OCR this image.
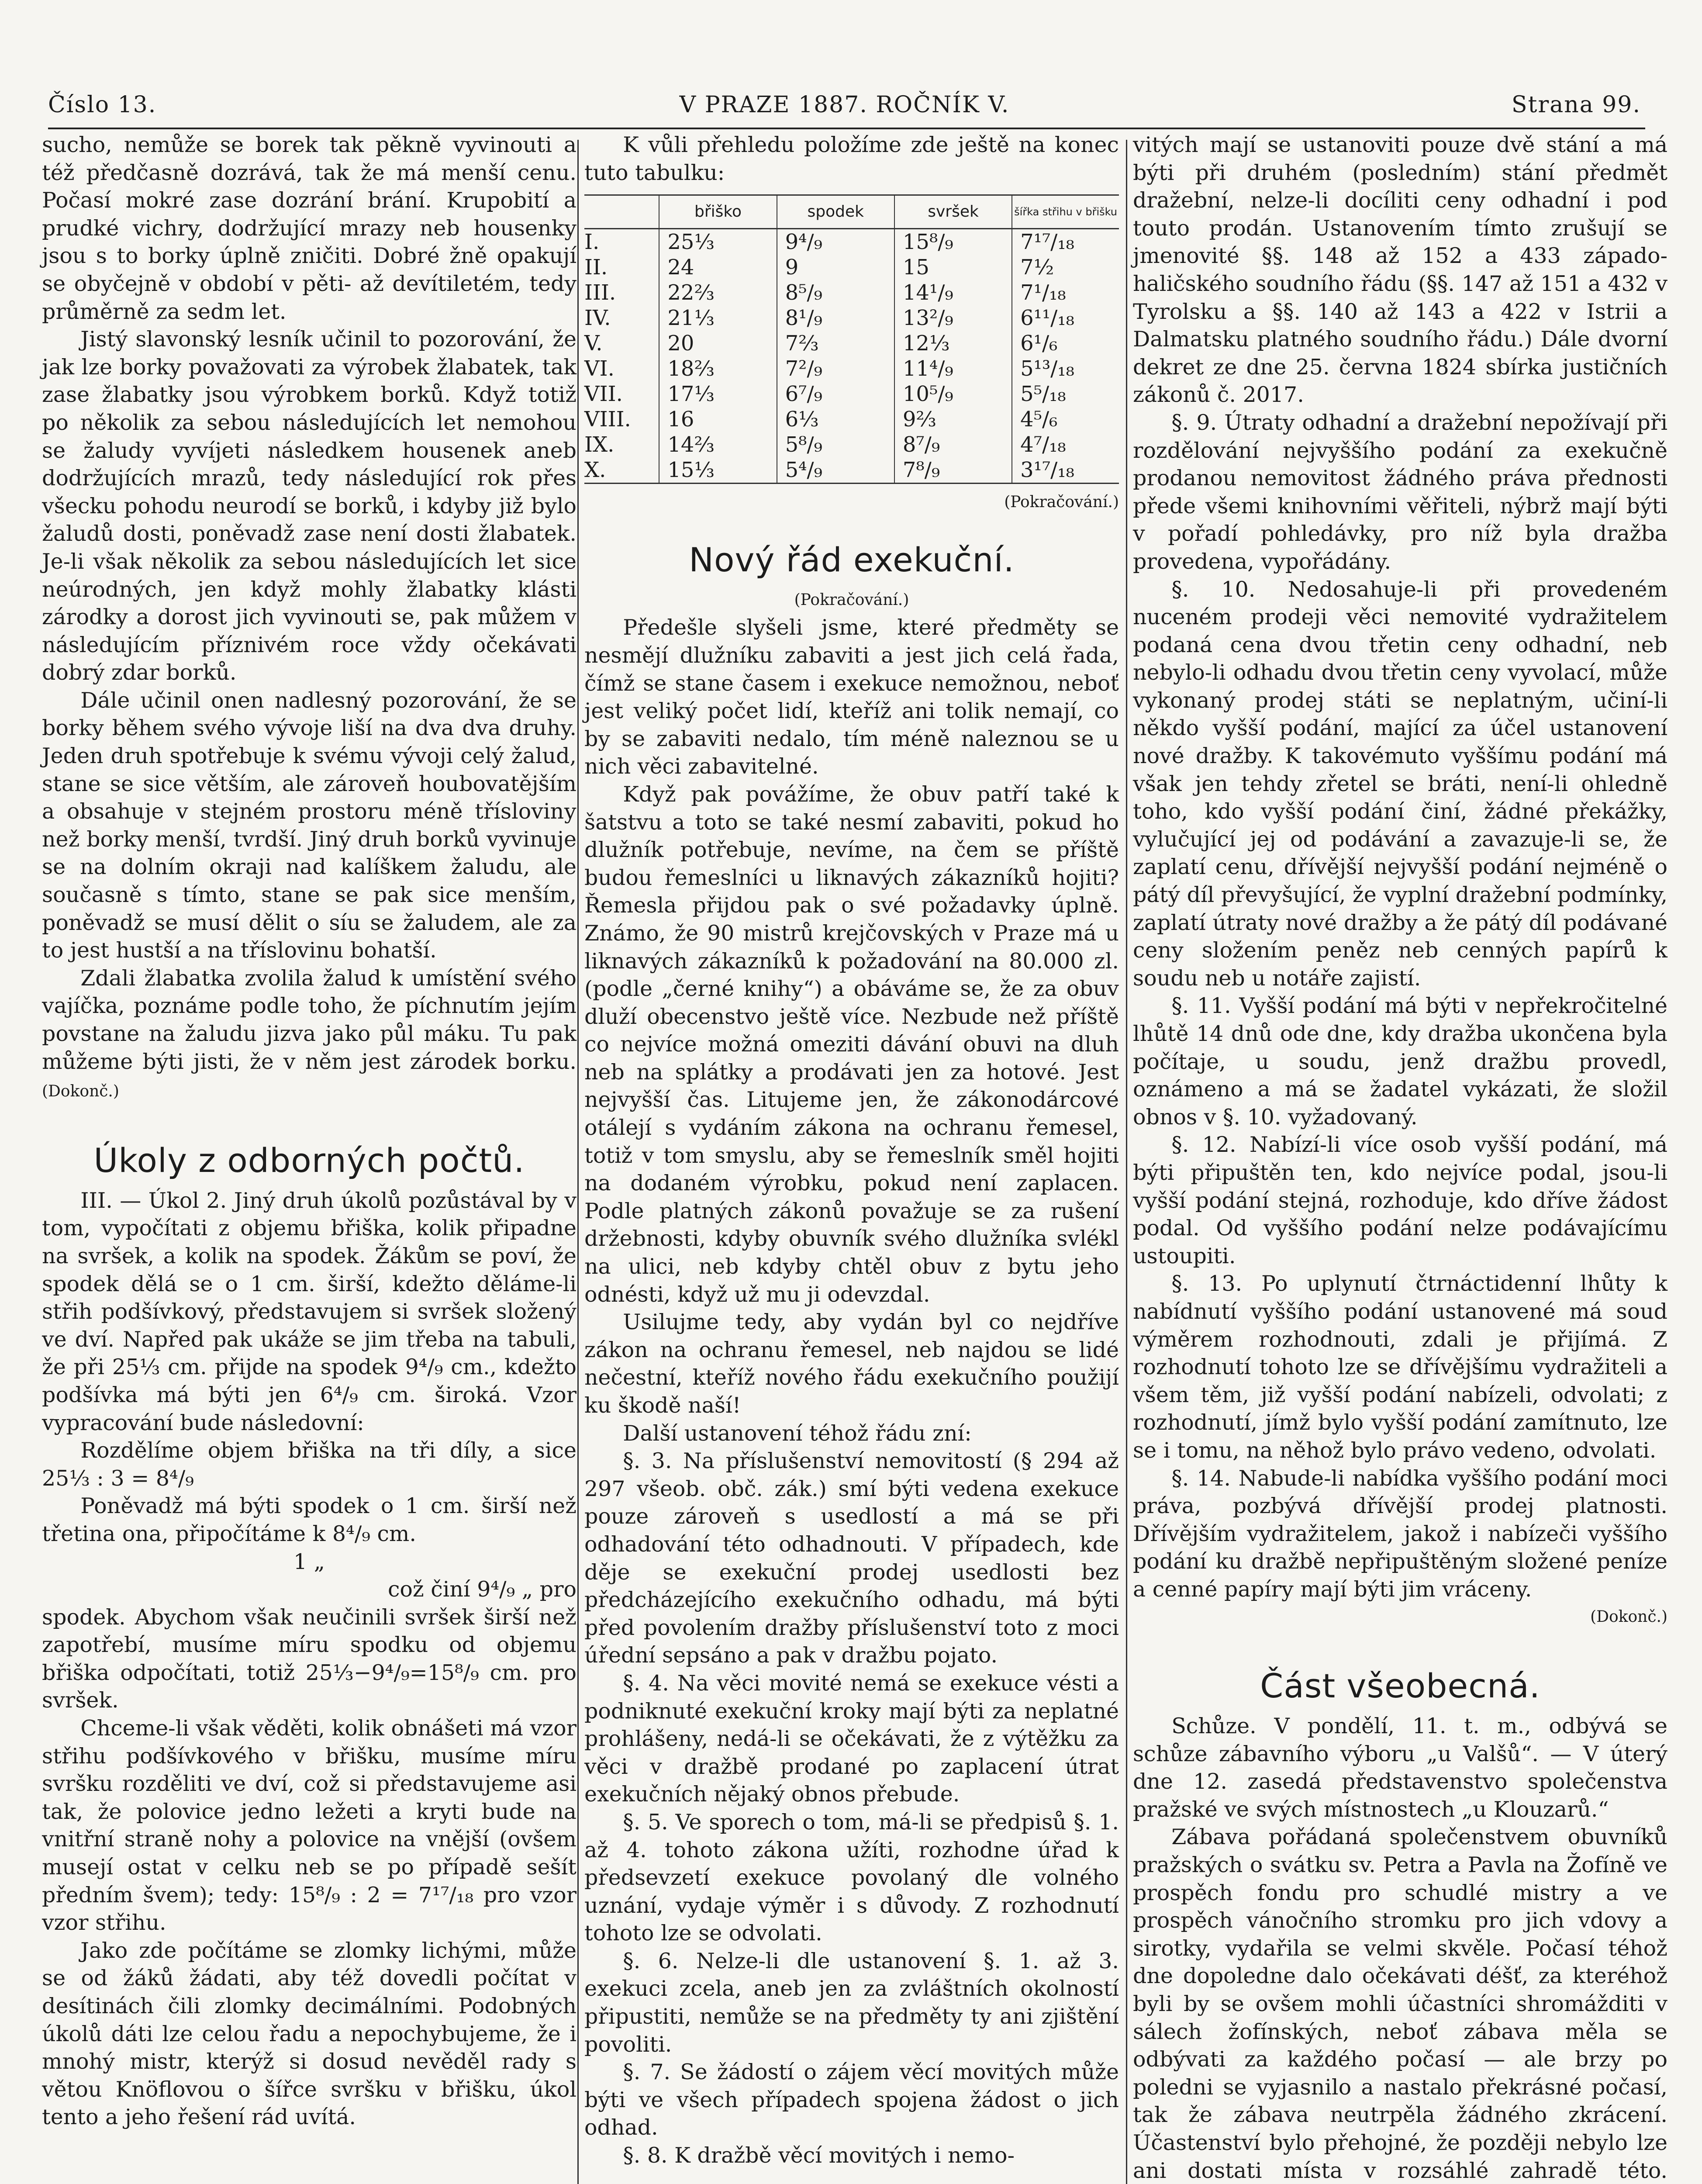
Číslo 13.	V PRAZE 1887. ROČNÍK V.	Strana 99.

sucho, nemůže se borek tak pěkně vyvinouti a též předčasně dozrává, tak že má menší cenu. Počasí mokré zase dozrání brání. Krupobití a prudké vichry, dodržující mrazy neb housenky jsou s to borky úplně zničiti. Dobré žně opakují se obyčejně v období v pěti- až devítiletém, tedy průměrně za sedm let.

Jistý slavonský lesník učinil to pozorování, že jak lze borky považovati za výrobek žlabatek, tak zase žlabatky jsou výrobkem borků. Když totiž po několik za sebou následujících let nemohou se žaludy vyvíjeti následkem housenek aneb dodržujících mrazů, tedy následující rok přes všecku pohodu neurodí se borků, i kdyby již bylo žaludů dosti, poněvadž zase není dosti žlabatek. Je-li však několik za sebou následujících let sice neúrodných, jen když mohly žlabatky klásti zárodky a dorost jich vyvinouti se, pak můžem v následujícím příznivém roce vždy očekávati dobrý zdar borků.

Dále učinil onen nadlesný pozorování, že se borky během svého vývoje liší na dva dva druhy. Jeden druh spotřebuje k svému vývoji celý žalud, stane se sice větším, ale zároveň houbovatějším a obsahuje v stejném prostoru méně tříslovinу než borky menší, tvrdší. Jiný druh borků vyvinuje se na dolním okraji nad kalíškem žaludu, ale současně s tímto, stane se pak sice menším, poněvadž se musí dělit o síu se žaludem, ale za to jest hustší a na tříslovinu bohatší.

Zdali žlabatka zvolila žalud k umístění svého vajíčka, poznáme podle toho, že píchnutím jejím povstane na žaludu jizva jako půl máku. Tu pak můžeme býti jisti, že v něm jest zárodek borku. (Dokonč.)

Úkoly z odborných počtů.

III. — Úkol 2. Jiný druh úkolů pozůstával by v tom, vypočítati z objemu břiška, kolik připadne na svršek, a kolik na spodek. Žákům se poví, že spodek dělá se o 1 cm. širší, kdežto děláme-li střih podšívkový, představujem si svršek složený ve dví. Napřed pak ukáže se jim třeba na tabuli, že při 25⅓ cm. přijde na spodek 9⁴/₉ cm., kdežto podšívka má býti jen 6⁴/₉ cm. široká. Vzor vypracování bude následovní:

Rozdělíme objem břiška na tři díly, a sice 25⅓ : 3 = 8⁴/₉

Poněvadž má býti spodek o 1 cm. širší než třetina ona, připočítáme k 8⁴/₉ cm.

1 „

což činí 9⁴/₉ „ pro

spodek. Abychom však neučinili svršek širší než zapotřebí, musíme míru spodku od objemu břiška odpočítati, totiž 25⅓−9⁴/₉=15⁸/₉ cm. pro svršek.

Chceme-li však věděti, kolik obnášeti má vzor střihu podšívkového v břišku, musíme míru svršku rozděliti ve dví, což si představujeme asi tak, že polovice jedno ležeti a kryti bude na vnitřní straně nohy a polovice na vnější (ovšem musejí ostat v celku neb se po případě sešít předním švem); tedy: 15⁸/₉ : 2 = 7¹⁷/₁₈ pro vzor vzor střihu.

Jako zde počítáme se zlomky lichými, může se od žáků žádati, aby též dovedli počítat v desítinách čili zlomky decimálními. Podobných úkolů dáti lze celou řadu a nepochybujeme, že i mnohý mistr, kterýž si dosud nevěděl rady s větou Knöflovou o šířce svršku v břišku, úkol tento a jeho řešení rád uvítá.

K vůli přehledu položíme zde ještě na konec tuto tabulku:

	břiško	spodek	svršek	šířka střihu v břišku
I.	25⅓	9⁴/₉	15⁸/₉	7¹⁷/₁₈
II.	24	9	15	7½
III.	22⅔	8⁵/₉	14¹/₉	7¹/₁₈
IV.	21⅓	8¹/₉	13²/₉	6¹¹/₁₈
V.	20	7⅔	12⅓	6¹/₆
VI.	18⅔	7²/₉	11⁴/₉	5¹³/₁₈
VII.	17⅓	6⁷/₉	10⁵/₉	5⁵/₁₈
VIII.	16	6⅓	9⅔	4⁵/₆
IX.	14⅔	5⁸/₉	8⁷/₉	4⁷/₁₈
X.	15⅓	5⁴/₉	7⁸/₉	3¹⁷/₁₈

(Pokračování.)

Nový řád exekuční.

(Pokračování.)

Předešle slyšeli jsme, které předměty se nesmějí dlužníku zabaviti a jest jich celá řada, čímž se stane časem i exekuce nemožnou, neboť jest veliký počet lidí, kteříž ani tolik nemají, co by se zabaviti nedalo, tím méně naleznou se u nich věci zabavitelné.

Když pak povážíme, že obuv patří také k šatstvu a toto se také nesmí zabaviti, pokud ho dlužník potřebuje, nevíme, na čem se příště budou řemeslníci u liknavých zákazníků hojiti? Řemesla přijdou pak o své požadavky úplně. Známo, že 90 mistrů krejčovských v Praze má u liknavých zákazníků k požadování na 80.000 zl. (podle „černé knihy“) a obáváme se, že za obuv dluží obecenstvo ještě více. Nezbude než příště co nejvíce možná omeziti dávání obuvi na dluh neb na splátky a prodávati jen za hotové. Jest nejvyšší čas. Litujeme jen, že zákonodárcové otálejí s vydáním zákona na ochranu řemesel, totiž v tom smyslu, aby se řemeslník směl hojiti na dodaném výrobku, pokud není zaplacen. Podle platných zákonů považuje se za rušení držebnosti, kdyby obuvník svého dlužníka svlékl na ulici, neb kdyby chtěl obuv z bytu jeho odnésti, když už mu ji odevzdal.

Usilujme tedy, aby vydán byl co nejdříve zákon na ochranu řemesel, neb najdou se lidé nečestní, kteříž nového řádu exekučního použijí ku škodě naší!

Další ustanovení téhož řádu zní:

§. 3. Na příslušenství nemovitostí (§ 294 až 297 všeob. obč. zák.) smí býti vedena exekuce pouze zároveň s usedlostí a má se při odhadování této odhadnouti. V případech, kde děje se exekuční prodej usedlosti bez předcházejícího exekučního odhadu, má býti před povolením dražby příslušenství toto z moci úřední sepsáno a pak v dražbu pojato.

§. 4. Na věci movité nemá se exekuce vésti a podniknuté exekuční kroky mají býti za neplatné prohlášeny, nedá-li se očekávati, že z výtěžku za věci v dražbě prodané po zaplacení útrat exekučních nějaký obnos přebude.

§. 5. Ve sporech o tom, má-li se předpisů §. 1. až 4. tohoto zákona užíti, rozhodne úřad k předsevzetí exekuce povolaný dle volného uznání, vydaje výměr i s důvody. Z rozhodnutí tohoto lze se odvolati.

§. 6. Nelze-li dle ustanovení §. 1. až 3. exekuci zcela, aneb jen za zvláštních okolností připustiti, nemůže se na předměty ty ani zjištění povoliti.

§. 7. Se žádostí o zájem věcí movitých může býti ve všech případech spojena žádost o jich odhad.

§. 8. K dražbě věcí movitých i nemo-

vitých mají se ustanoviti pouze dvě stání a má býti při druhém (posledním) stání předmět dražební, nelze-li docíliti ceny odhadní i pod touto prodán. Ustanovením tímto zrušují se jmenovité §§. 148 až 152 a 433 západo-haličského soudního řádu (§§. 147 až 151 a 432 v Tyrolsku a §§. 140 až 143 a 422 v Istrii a Dalmatsku platného soudního řádu.) Dále dvorní dekret ze dne 25. června 1824 sbírka justičních zákonů č. 2017.

§. 9. Útraty odhadní a dražební nepožívají při rozdělování nejvyššího podání za exekučně prodanou nemovitost žádného práva přednosti přede všemi knihovními věřiteli, nýbrž mají býti v pořadí pohledávky, pro níž byla dražba provedena, vypořádány.

§. 10. Nedosahuje-li při provedeném nuceném prodeji věci nemovité vydražitelem podaná cena dvou třetin ceny odhadní, neb nebylo-li odhadu dvou třetin ceny vyvolací, může vykonaný prodej státi se neplatným, učiní-li někdo vyšší podání, mající za účel ustanovení nové dražby. K takovémuto vyššímu podání má však jen tehdy zřetel se bráti, není-li ohledně toho, kdo vyšší podání činí, žádné překážky, vylučující jej od podávání a zavazuje-li se, že zaplatí cenu, dřívější nejvyšší podání nejméně o pátý díl převyšující, že vyplní dražební podmínky, zaplatí útraty nové dražby a že pátý díl podávané ceny složením peněz neb cenných papírů k soudu neb u notáře zajistí.

§. 11. Vyšší podání má býti v nepřekročitelné lhůtě 14 dnů ode dne, kdy dražba ukončena byla počítaje, u soudu, jenž dražbu provedl, oznámeno a má se žadatel vykázati, že složil obnos v §. 10. vyžadovaný.

§. 12. Nabízí-li více osob vyšší podání, má býti připuštěn ten, kdo nejvíce podal, jsou-li vyšší podání stejná, rozhoduje, kdo dříve žádost podal. Od vyššího podání nelze podávajícímu ustoupiti.

§. 13. Po uplynutí čtrnáctidenní lhůty k nabídnutí vyššího podání ustanovené má soud výměrem rozhodnouti, zdali je přijímá. Z rozhodnutí tohoto lze se dřívějšímu vydražiteli a všem těm, již vyšší podání nabízeli, odvolati; z rozhodnutí, jímž bylo vyšší podání zamítnuto, lze se i tomu, na něhož bylo právo vedeno, odvolati.

§. 14. Nabude-li nabídka vyššího podání moci práva, pozbývá dřívější prodej platnosti. Dřívějším vydražitelem, jakož i nabízeči vyššího podání ku dražbě nepřipuštěným složené peníze a cenné papíry mají býti jim vráceny.

(Dokonč.)

Část všeobecná.

Schůze. V pondělí, 11. t. m., odbývá se schůze zábavního výboru „u Valšů“. — V úterý dne 12. zasedá představenstvo společenstva pražské ve svých místnostech „u Klouzarů.“

Zábava pořádaná společenstvem obuvníků pražských o svátku sv. Petra a Pavla na Žofíně ve prospěch fondu pro schudlé mistry a ve prospěch vánočního stromku pro jich vdovy a sirotky, vydařila se velmi skvěle. Počasí téhož dne dopoledne dalo očekávati déšť, za kteréhož byli by se ovšem mohli účastníci shromážditi v sálech žofínských, neboť zábava měla se odbývati za každého počasí — ale brzy po poledni se vyjasnilo a nastalo překrásné počasí, tak že zábava neutrpěla žádného zkrácení. Účastenství bylo přehojné, že později nebylo lze ani dostati místa v rozsáhlé zahradě této.
